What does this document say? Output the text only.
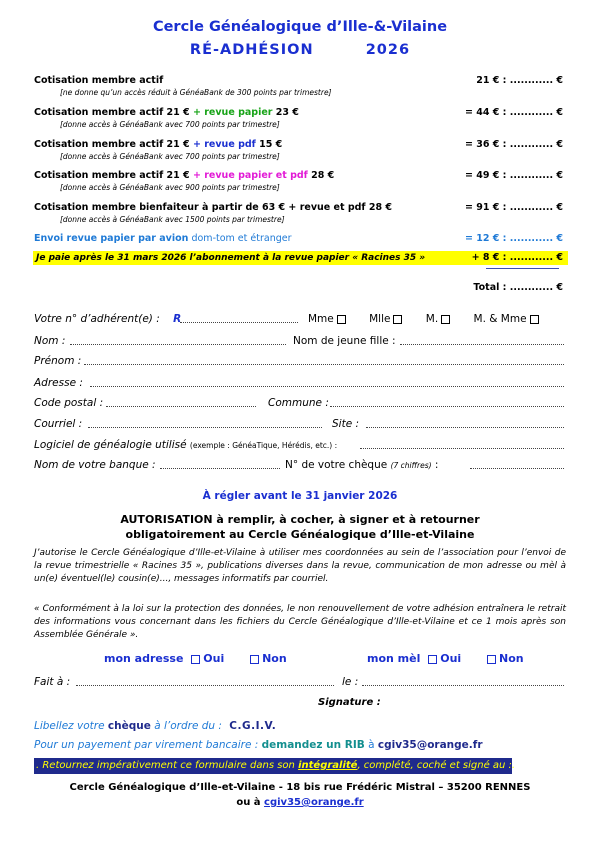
Cercle Généalogique d’Ille-&-Vilaine
RÉ-ADHÉSION	2026
Cotisation membre actif
[ne donne qu’un accès réduit à GénéaBank de 300 points par trimestre]
21 € : ............ €
Cotisation membre actif 21 € + revue papier 23 €
[donne accès à GénéaBank avec 700 points par trimestre]
= 44 € : ............ €
Cotisation membre actif 21 € + revue pdf 15 €
[donne accès à GénéaBank avec 700 points par trimestre]
= 36 € : ............ €
Cotisation membre actif 21 € + revue papier et pdf 28 €
[donne accès à GénéaBank avec 900 points par trimestre]
= 49 € : ............ €
Cotisation membre bienfaiteur à partir de 63 € + revue et pdf 28 €
[donne accès à GénéaBank avec 1500 points par trimestre]
= 91 € : ............ €
Envoi revue papier par avion dom-tom et étranger	= 12 € : ............ €
Je paie après le 31 mars 2026 l’abonnement à la revue papier « Racines 35 »	+ 8 € : ............ €
Total : ............ €
Votre n° d’adhérent(e) : R	Mme	Mlle	M.	M. & Mme
Nom :	Nom de jeune fille :
Prénom :
Adresse :
Code postal :	Commune :
Courriel :	Site :
Logiciel de généalogie utilisé (exemple : GénéaTique, Hérédis, etc.) :
Nom de votre banque :	N° de votre chèque (7 chiffres) :
À régler avant le 31 janvier 2026
AUTORISATION à remplir, à cocher, à signer et à retourner
obligatoirement au Cercle Généalogique d’Ille-et-Vilaine
J’autorise le Cercle Généalogique d’Ille-et-Vilaine à utiliser mes coordonnées au sein de l’association pour l’envoi de la revue trimestrielle « Racines 35 », publications diverses dans la revue, communication de mon adresse ou mèl à un(e) éventuel(le) cousin(e)..., messages informatifs par courriel.
« Conformément à la loi sur la protection des données, le non renouvellement de votre adhésion entraînera le retrait des informations vous concernant dans les fichiers du Cercle Généalogique d’Ille-et-Vilaine et ce 1 mois après son Assemblée Générale ».
mon adresse Oui	Non	mon mèl Oui	Non
Fait à :	le :
Signature :
Libellez votre chèque à l’ordre du : C.G.I.V.
Pour un payement par virement bancaire : demandez un RIB à cgiv35@orange.fr
. Retournez impérativement ce formulaire dans son intégralité, complété, coché et signé au :.
Cercle Généalogique d’Ille-et-Vilaine - 18 bis rue Frédéric Mistral – 35200 RENNES
ou à cgiv35@orange.fr
